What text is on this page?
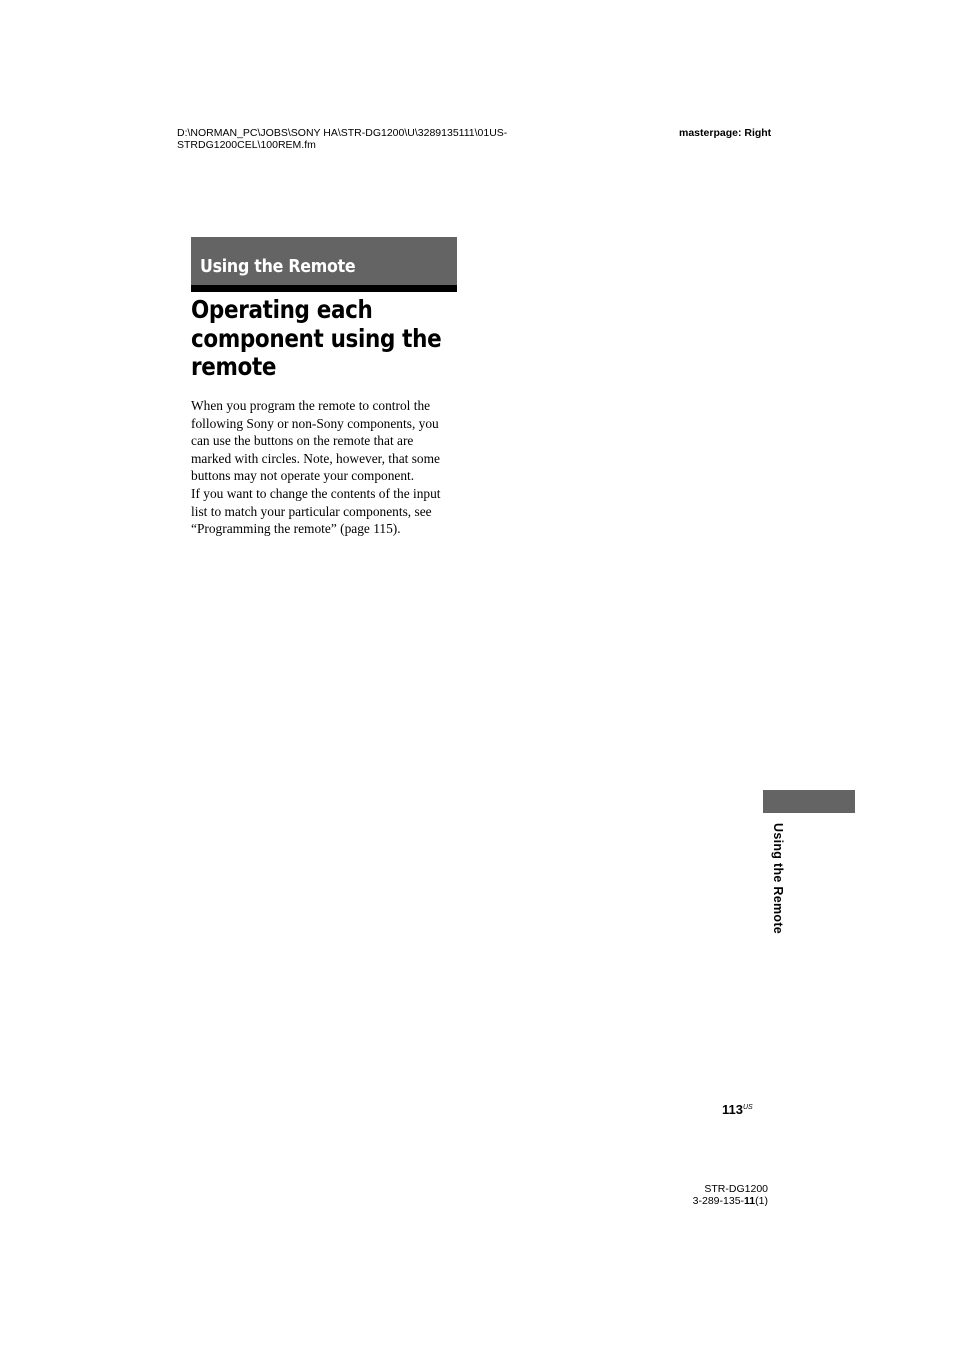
D:\NORMAN_PC\JOBS\SONY HA\STR-DG1200\U\3289135111\01US-
STRDG1200CEL\100REM.fm
masterpage: Right
Using the Remote
Operating each
component using the
remote
When you program the remote to control the
following Sony or non-Sony components, you
can use the buttons on the remote that are
marked with circles. Note, however, that some
buttons may not operate your component.
If you want to change the contents of the input
list to match your particular components, see
“Programming the remote” (page 115).
Using the Remote
$113^{US}$
STR-DG1200
3-289-135-11(1)
